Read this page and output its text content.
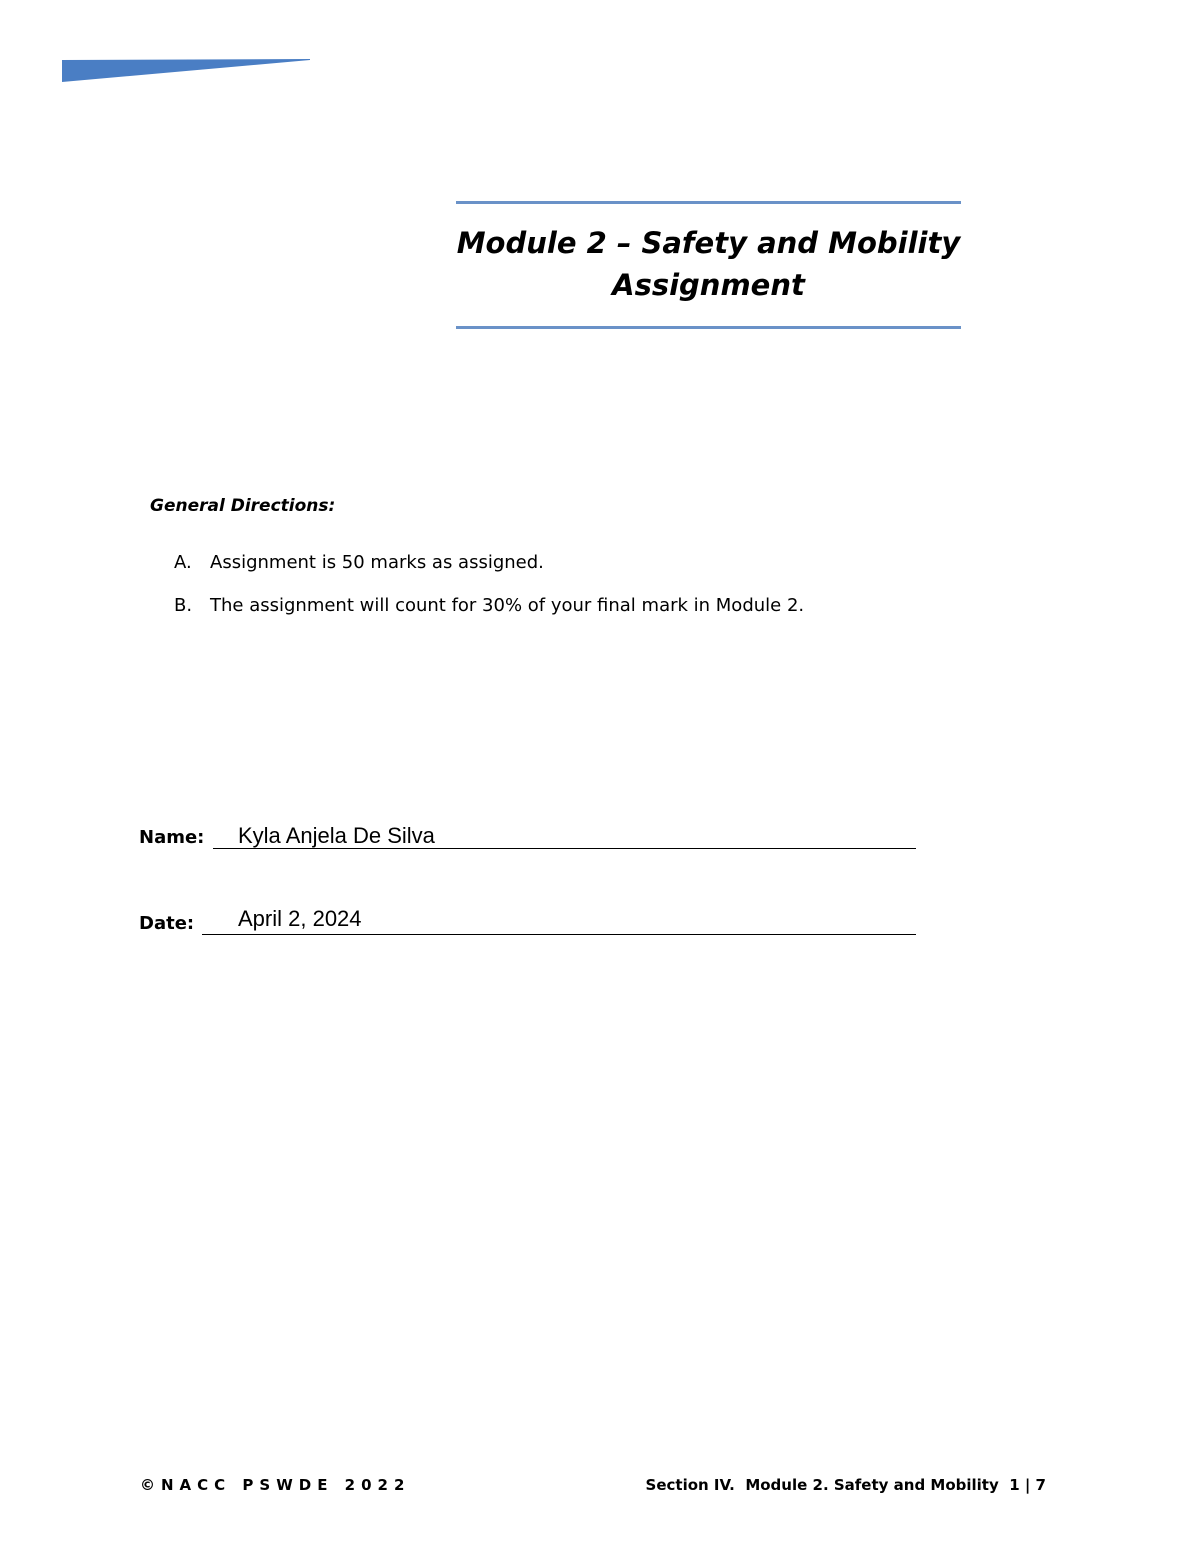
Module 2 – Safety and Mobility
Assignment

General Directions:

A.	Assignment is 50 marks as assigned.
B. The assignment will count for 30% of your final mark in Module 2.
Name: Kyla Anjela De Silva
Date: April 2, 2024
©NACC PSWDE 2022	Section IV.  Module 2. Safety and Mobility  1 | 7
